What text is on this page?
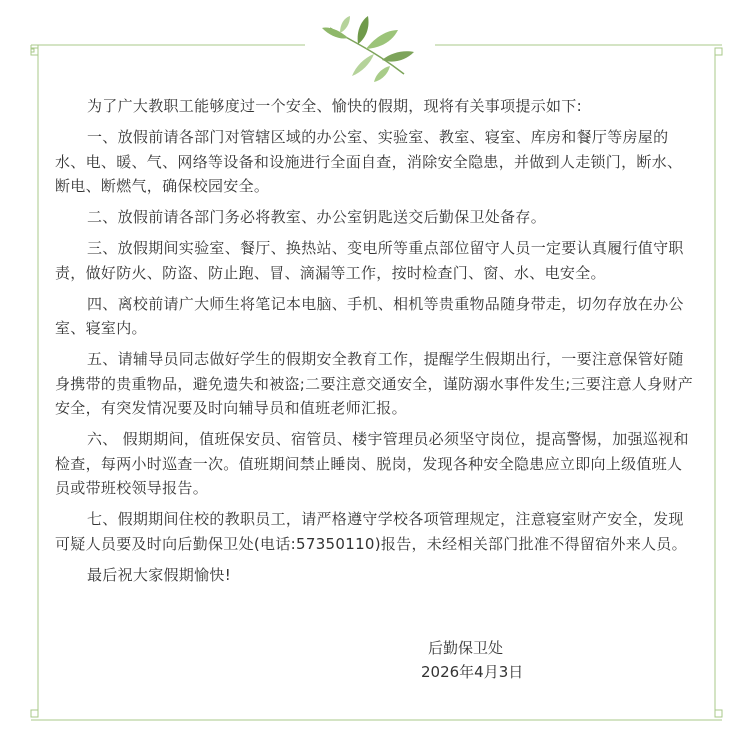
为了广大教职工能够度过一个安全、愉快的假期，现将有关事项提示如下:

一、放假前请各部门对管辖区域的办公室、实验室、教室、寝室、库房和餐厅等房屋的水、电、暖、气、网络等设备和设施进行全面自查，消除安全隐患，并做到人走锁门，断水、断电、断燃气，确保校园安全。

二、放假前请各部门务必将教室、办公室钥匙送交后勤保卫处备存。

三、放假期间实验室、餐厅、换热站、变电所等重点部位留守人员一定要认真履行值守职责，做好防火、防盗、防止跑、冒、滴漏等工作，按时检查门、窗、水、电安全。

四、离校前请广大师生将笔记本电脑、手机、相机等贵重物品随身带走，切勿存放在办公室、寝室内。

五、请辅导员同志做好学生的假期安全教育工作，提醒学生假期出行，一要注意保管好随身携带的贵重物品，避免遗失和被盗;二要注意交通安全，谨防溺水事件发生;三要注意人身财产安全，有突发情况要及时向辅导员和值班老师汇报。

六、 假期期间，值班保安员、宿管员、楼宇管理员必须坚守岗位，提高警惕，加强巡视和检查，每两小时巡查一次。值班期间禁止睡岗、脱岗，发现各种安全隐患应立即向上级值班人员或带班校领导报告。

七、假期期间住校的教职员工，请严格遵守学校各项管理规定，注意寝室财产安全，发现可疑人员要及时向后勤保卫处(电话:57350110)报告，未经相关部门批准不得留宿外来人员。

最后祝大家假期愉快!

后勤保卫处
2026年4月3日
